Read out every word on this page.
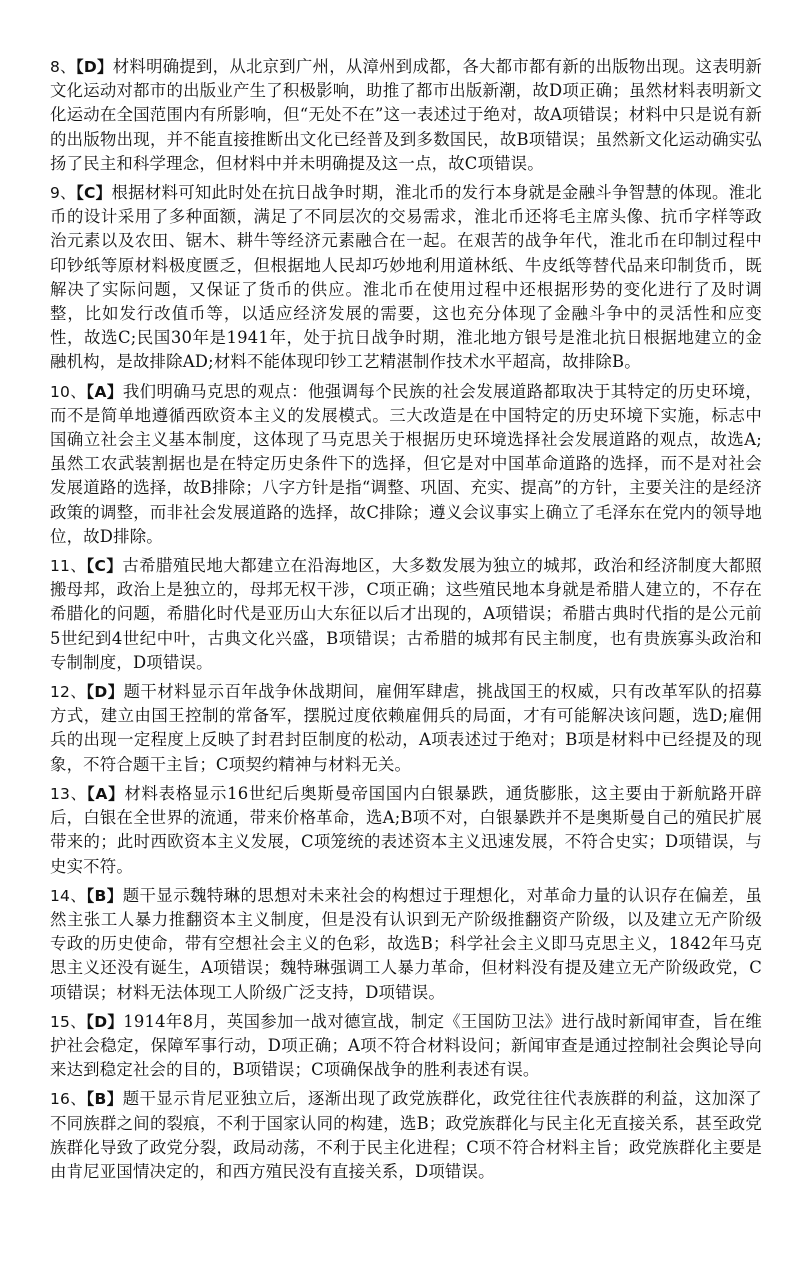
8、【D】材料明确提到，从北京到广州，从漳州到成都，各大都市都有新的出版物出现。这表明新文化运动对都市的出版业产生了积极影响，助推了都市出版新潮，故D项正确；虽然材料表明新文化运动在全国范围内有所影响，但“无处不在”这一表述过于绝对，故A项错误；材料中只是说有新的出版物出现，并不能直接推断出文化已经普及到多数国民，故B项错误；虽然新文化运动确实弘扬了民主和科学理念，但材料中并未明确提及这一点，故C项错误。

9、【C】根据材料可知此时处在抗日战争时期，淮北币的发行本身就是金融斗争智慧的体现。淮北币的设计采用了多种面额，满足了不同层次的交易需求，淮北币还将毛主席头像、抗币字样等政治元素以及农田、锯木、耕牛等经济元素融合在一起。在艰苦的战争年代，淮北币在印制过程中印钞纸等原材料极度匮乏，但根据地人民却巧妙地利用道林纸、牛皮纸等替代品来印制货币，既解决了实际问题，又保证了货币的供应。淮北币在使用过程中还根据形势的变化进行了及时调整，比如发行改值币等，以适应经济发展的需要，这也充分体现了金融斗争中的灵活性和应变性，故选C;民国30年是1941年，处于抗日战争时期，淮北地方银号是淮北抗日根据地建立的金融机构，是故排除AD;材料不能体现印钞工艺精湛制作技术水平超高，故排除B。

10、【A】我们明确马克思的观点：他强调每个民族的社会发展道路都取决于其特定的历史环境，而不是简单地遵循西欧资本主义的发展模式。三大改造是在中国特定的历史环境下实施，标志中国确立社会主义基本制度，这体现了马克思关于根据历史环境选择社会发展道路的观点，故选A;虽然工农武装割据也是在特定历史条件下的选择，但它是对中国革命道路的选择，而不是对社会发展道路的选择，故B排除；八字方针是指“调整、巩固、充实、提高”的方针，主要关注的是经济政策的调整，而非社会发展道路的选择，故C排除；遵义会议事实上确立了毛泽东在党内的领导地位，故D排除。

11、【C】古希腊殖民地大都建立在沿海地区，大多数发展为独立的城邦，政治和经济制度大都照搬母邦，政治上是独立的，母邦无权干涉，C项正确；这些殖民地本身就是希腊人建立的，不存在希腊化的问题，希腊化时代是亚历山大东征以后才出现的，A项错误；希腊古典时代指的是公元前5世纪到4世纪中叶，古典文化兴盛，B项错误；古希腊的城邦有民主制度，也有贵族寡头政治和专制制度，D项错误。

12、【D】题干材料显示百年战争休战期间，雇佣军肆虐，挑战国王的权威，只有改革军队的招募方式，建立由国王控制的常备军，摆脱过度依赖雇佣兵的局面，才有可能解决该问题，选D;雇佣兵的出现一定程度上反映了封君封臣制度的松动，A项表述过于绝对；B项是材料中已经提及的现象，不符合题干主旨；C项契约精神与材料无关。

13、【A】材料表格显示16世纪后奥斯曼帝国国内白银暴跌，通货膨胀，这主要由于新航路开辟后，白银在全世界的流通，带来价格革命，选A;B项不对，白银暴跌并不是奥斯曼自己的殖民扩展带来的；此时西欧资本主义发展，C项笼统的表述资本主义迅速发展，不符合史实；D项错误，与史实不符。

14、【B】题干显示魏特琳的思想对未来社会的构想过于理想化，对革命力量的认识存在偏差，虽然主张工人暴力推翻资本主义制度，但是没有认识到无产阶级推翻资产阶级，以及建立无产阶级专政的历史使命，带有空想社会主义的色彩，故选B；科学社会主义即马克思主义，1842年马克思主义还没有诞生，A项错误；魏特琳强调工人暴力革命，但材料没有提及建立无产阶级政党，C项错误；材料无法体现工人阶级广泛支持，D项错误。

15、【D】1914年8月，英国参加一战对德宣战，制定《王国防卫法》进行战时新闻审查，旨在维护社会稳定，保障军事行动，D项正确；A项不符合材料设问；新闻审查是通过控制社会舆论导向来达到稳定社会的目的，B项错误；C项确保战争的胜利表述有误。

16、【B】题干显示肯尼亚独立后，逐渐出现了政党族群化，政党往往代表族群的利益，这加深了不同族群之间的裂痕，不利于国家认同的构建，选B；政党族群化与民主化无直接关系，甚至政党族群化导致了政党分裂，政局动荡，不利于民主化进程；C项不符合材料主旨；政党族群化主要是由肯尼亚国情决定的，和西方殖民没有直接关系，D项错误。
